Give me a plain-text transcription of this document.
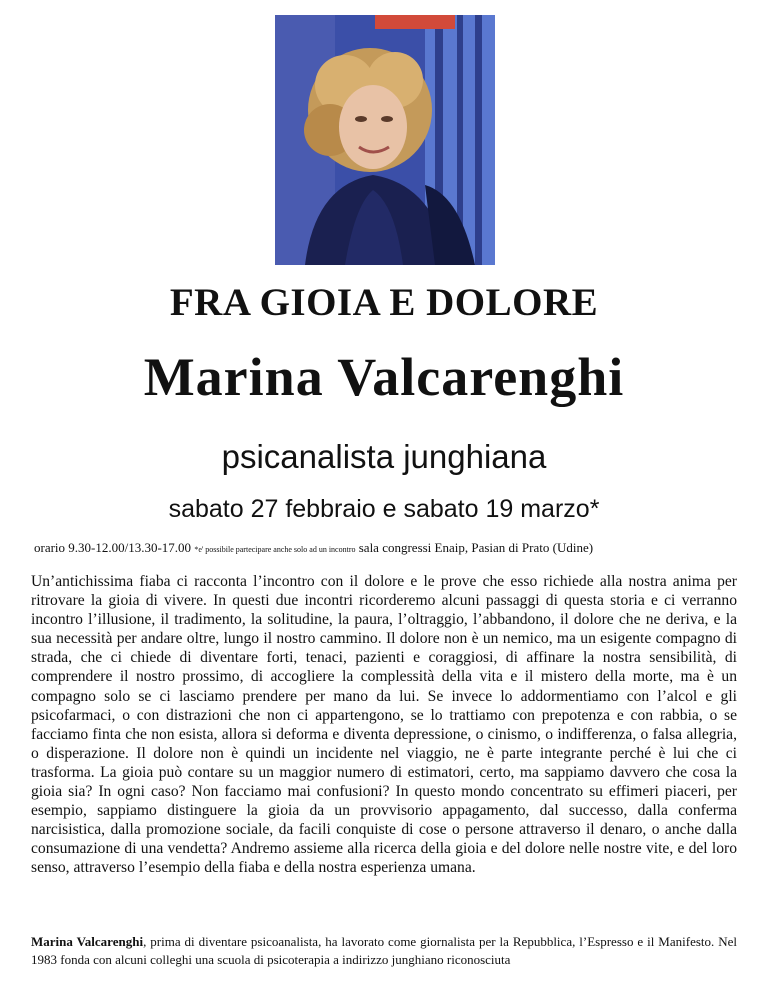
FRA GIOIA E DOLORE
Marina Valcarenghi
psicanalista junghiana
sabato 27 febbraio e sabato 19 marzo*
orario 9.30-12.00/13.30-17.00 *e' possibile partecipare anche solo ad un incontro sala congressi Enaip, Pasian di Prato (Udine)
Un’antichissima fiaba ci racconta l’incontro con il dolore e le prove che esso richiede alla nostra anima per ritrovare la gioia di vivere. In questi due incontri ricorderemo alcuni passaggi di questa storia e ci verranno incontro l’illusione, il tradimento, la solitudine, la paura, l’oltraggio, l’abbandono, il dolore che ne deriva, e la sua necessità per andare oltre, lungo il nostro cammino. Il dolore non è un nemico, ma un esigente compagno di strada, che ci chiede di diventare forti, tenaci, pazienti e coraggiosi, di affinare la nostra sensibilità, di comprendere il nostro prossimo, di accogliere la complessità della vita e il mistero della morte, ma è un compagno solo se ci lasciamo prendere per mano da lui. Se invece lo addormentiamo con l’alcol e gli psicofarmaci, o con distrazioni che non ci appartengono, se lo trattiamo con prepotenza e con rabbia, o se facciamo finta che non esista, allora si deforma e diventa depressione, o cinismo, o indifferenza, o falsa allegria, o disperazione. Il dolore non è quindi un incidente nel viaggio, ne è parte integrante perché è lui che ci trasforma. La gioia può contare su un maggior numero di estimatori, certo, ma sappiamo davvero che cosa la gioia sia? In ogni caso? Non facciamo mai confusioni? In questo mondo concentrato su effimeri piaceri, per esempio, sappiamo distinguere la gioia da un provvisorio appagamento, dal successo, dalla conferma narcisistica, dalla promozione sociale, da facili conquiste di cose o persone attraverso il denaro, o anche dalla consumazione di una vendetta? Andremo assieme alla ricerca della gioia e del dolore nelle nostre vite, e del loro senso, attraverso l’esempio della fiaba e della nostra esperienza umana.
Marina Valcarenghi, prima di diventare psicoanalista, ha lavorato come giornalista per la Repubblica, l’Espresso e il Manifesto. Nel 1983 fonda con alcuni colleghi una scuola di psicoterapia a indirizzo junghiano riconosciuta
